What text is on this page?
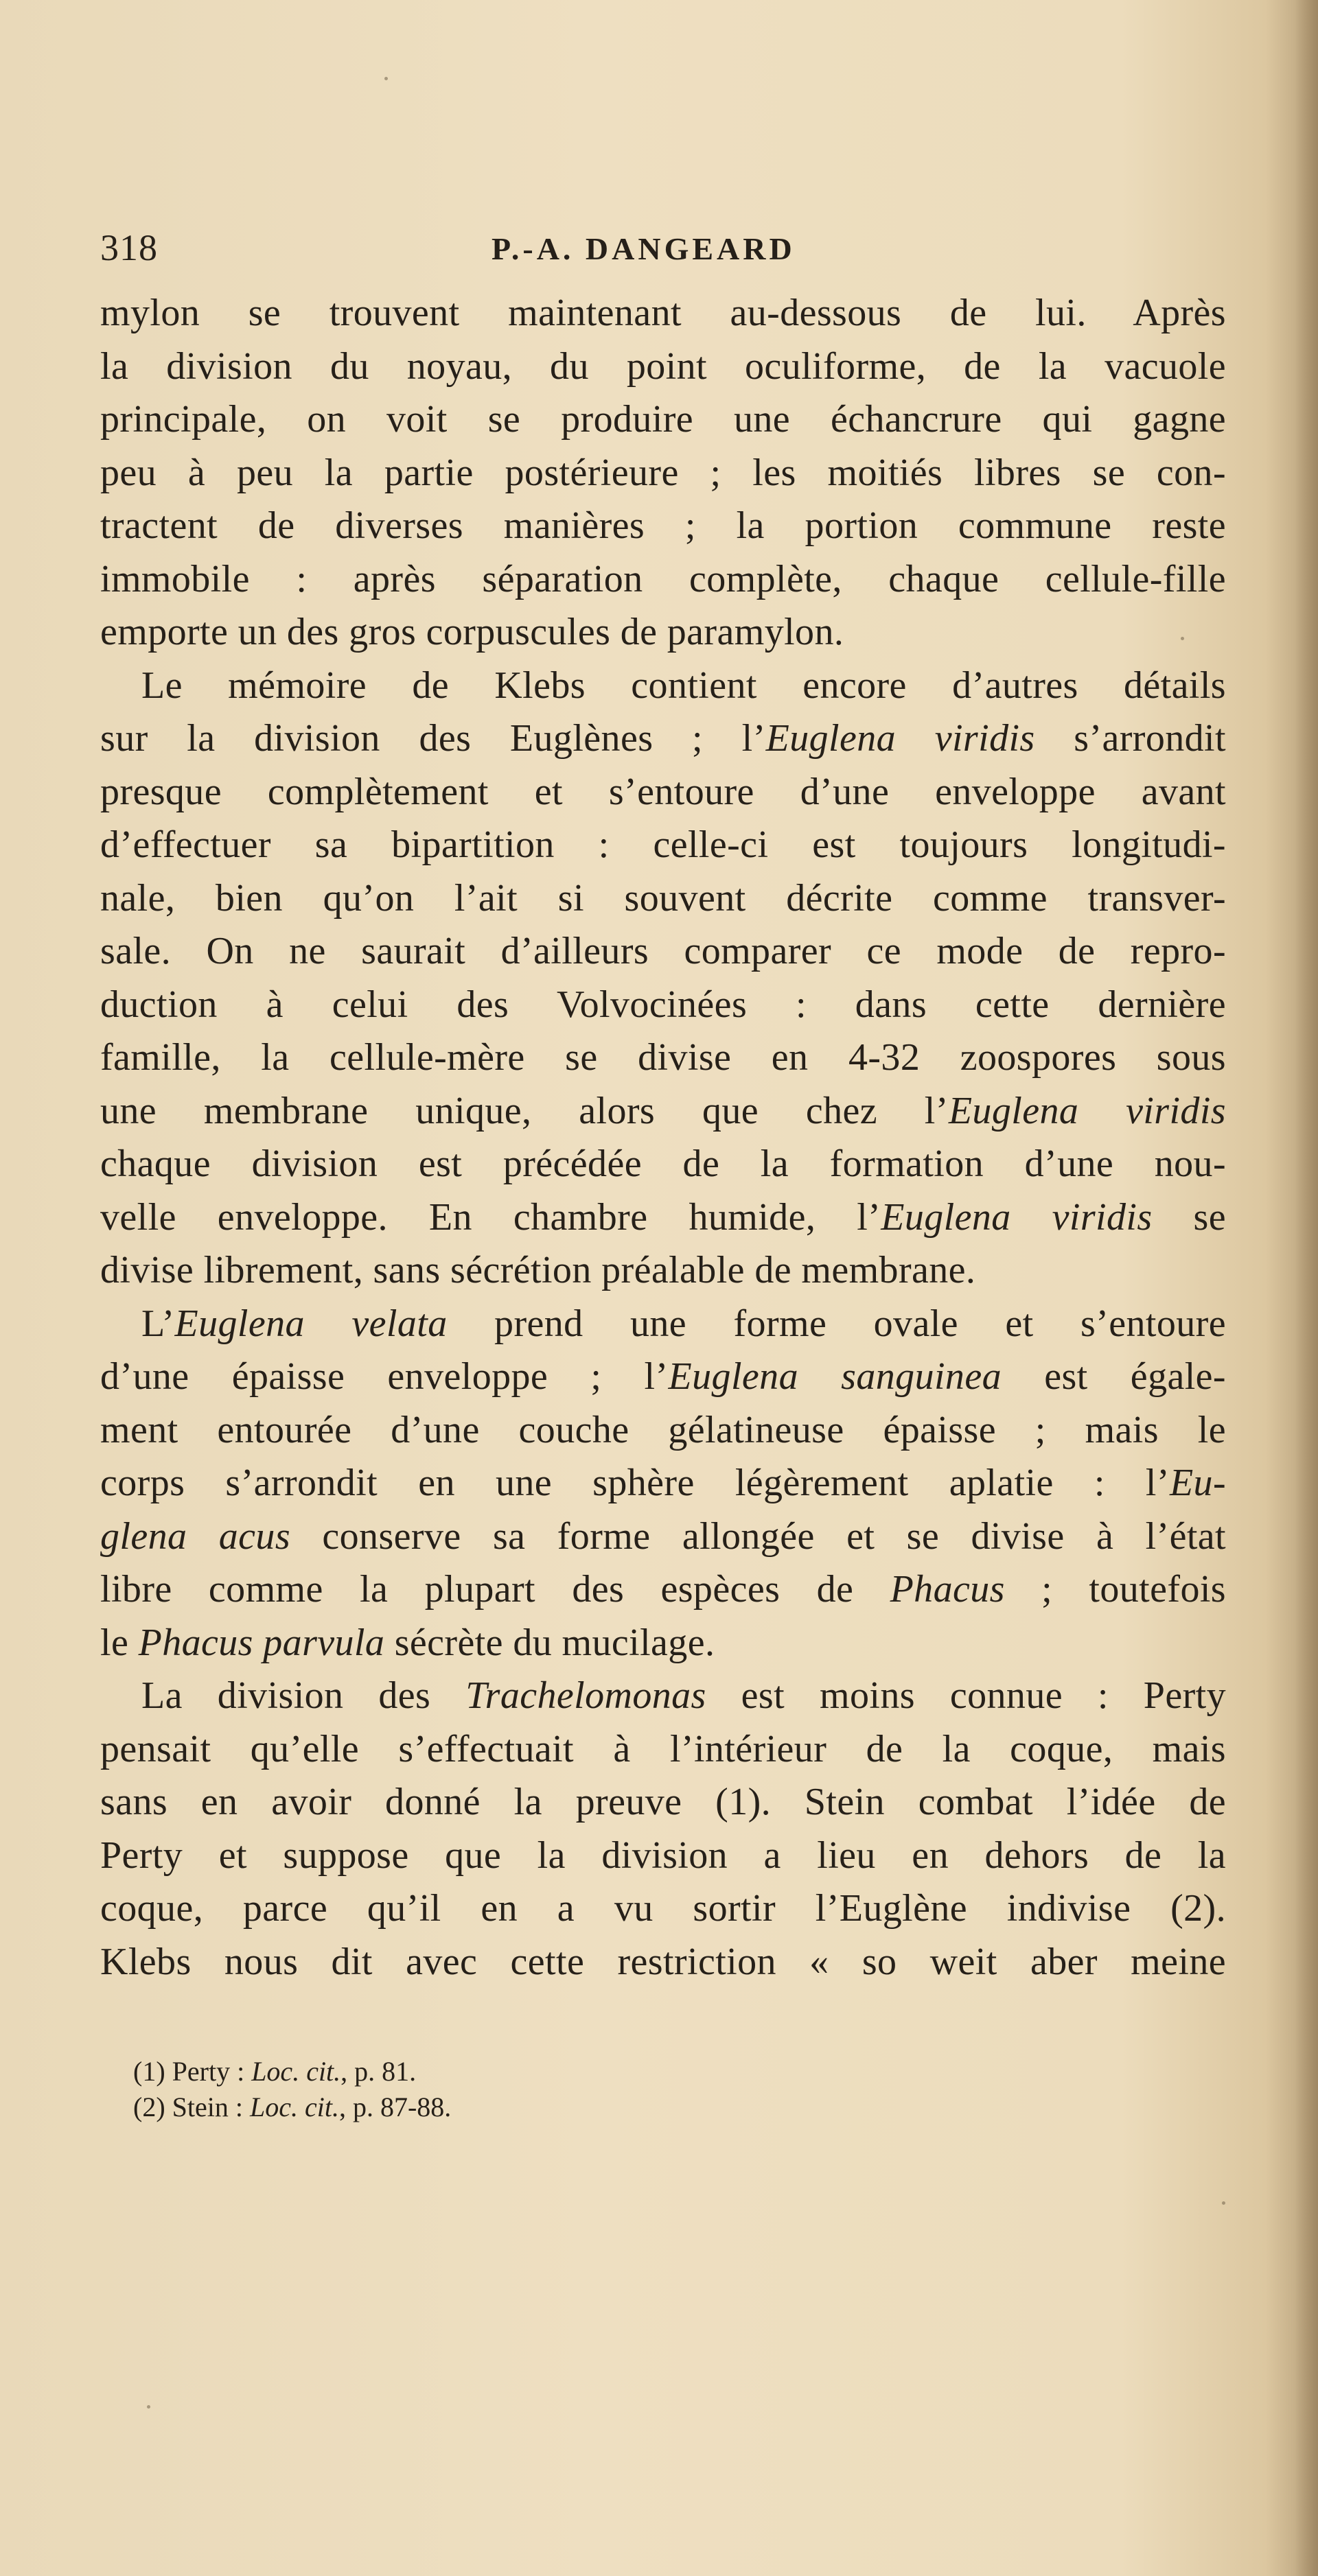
318	P.-A. DANGEARD
mylon se trouvent maintenant au-dessous de lui. Après
la division du noyau, du point oculiforme, de la vacuole
principale, on voit se produire une échancrure qui gagne
peu à peu la partie postérieure ; les moitiés libres se con-
tractent de diverses manières ; la portion commune reste
immobile : après séparation complète, chaque cellule-fille
emporte un des gros corpuscules de paramylon.
Le mémoire de Klebs contient encore d’autres détails
sur la division des Euglènes ; l’Euglena viridis s’arrondit
presque complètement et s’entoure d’une enveloppe avant
d’effectuer sa bipartition : celle-ci est toujours longitudi-
nale, bien qu’on l’ait si souvent décrite comme transver-
sale. On ne saurait d’ailleurs comparer ce mode de repro-
duction à celui des Volvocinées : dans cette dernière
famille, la cellule-mère se divise en 4-32 zoospores sous
une membrane unique, alors que chez l’Euglena viridis
chaque division est précédée de la formation d’une nou-
velle enveloppe. En chambre humide, l’Euglena viridis se
divise librement, sans sécrétion préalable de membrane.
L’Euglena velata prend une forme ovale et s’entoure
d’une épaisse enveloppe ; l’Euglena sanguinea est égale-
ment entourée d’une couche gélatineuse épaisse ; mais le
corps s’arrondit en une sphère légèrement aplatie : l’Eu-
glena acus conserve sa forme allongée et se divise à l’état
libre comme la plupart des espèces de Phacus ; toutefois
le Phacus parvula sécrète du mucilage.
La division des Trachelomonas est moins connue : Perty
pensait qu’elle s’effectuait à l’intérieur de la coque, mais
sans en avoir donné la preuve (1). Stein combat l’idée de
Perty et suppose que la division a lieu en dehors de la
coque, parce qu’il en a vu sortir l’Euglène indivise (2).
Klebs nous dit avec cette restriction « so weit aber meine
(1) Perty : Loc. cit., p. 81.
(2) Stein : Loc. cit., p. 87-88.
